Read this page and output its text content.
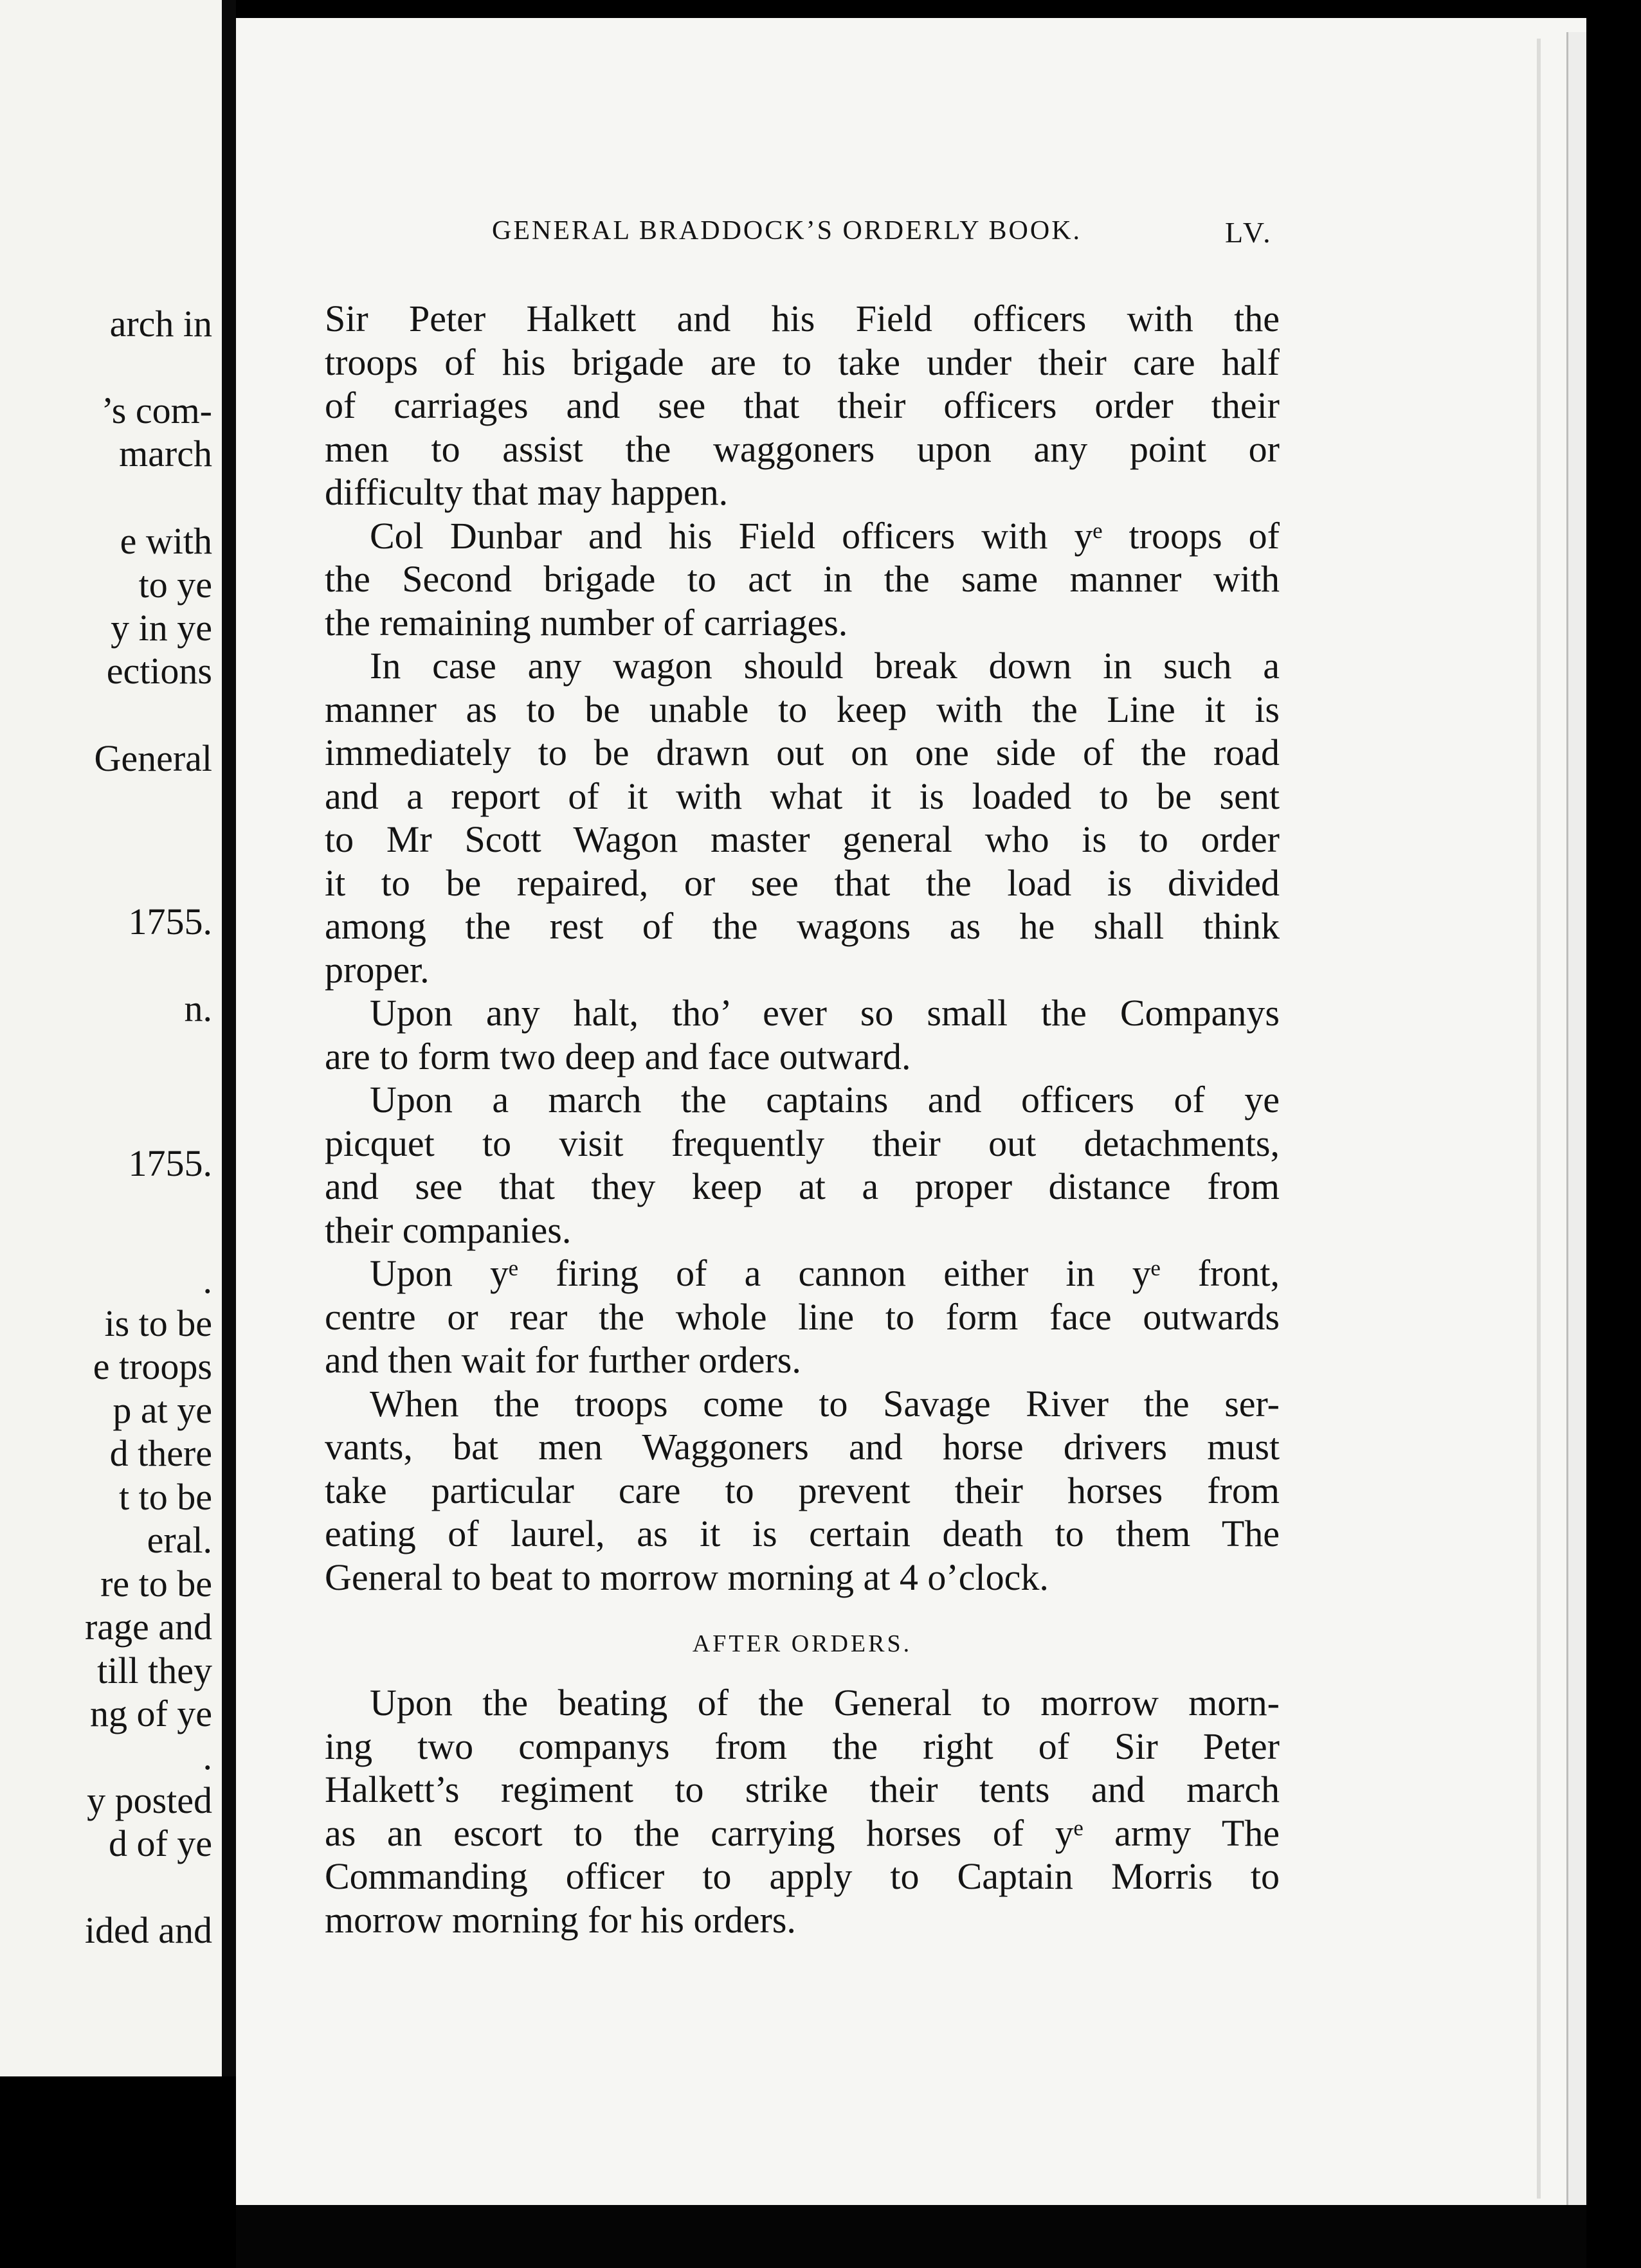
arch in
’s com-
march
e with
to ye
y in ye
ections
General
1755.
n.
1755.
.
is to be
e troops
p at ye
d there
t to be
eral.
re to be
rage and
till they
ng of ye
.
y posted
d of ye
ided and
GENERAL BRADDOCK’S ORDERLY BOOK.	LV.
Sir Peter Halkett and his Field officers with the
troops of his brigade are to take under their care half
of carriages and see that their officers order their
men to assist the waggoners upon any point or
difficulty that may happen.
Col Dunbar and his Field officers with yᵉ troops of
the Second brigade to act in the same manner with
the remaining number of carriages.
In case any wagon should break down in such a
manner as to be unable to keep with the Line it is
immediately to be drawn out on one side of the road
and a report of it with what it is loaded to be sent
to Mr Scott Wagon master general who is to order
it to be repaired, or see that the load is divided
among the rest of the wagons as he shall think
proper.
Upon any halt, tho’ ever so small the Companys
are to form two deep and face outward.
Upon a march the captains and officers of ye
picquet to visit frequently their out detachments,
and see that they keep at a proper distance from
their companies.
Upon yᵉ firing of a cannon either in yᵉ front,
centre or rear the whole line to form face outwards
and then wait for further orders.
When the troops come to Savage River the ser-
vants, bat men Waggoners and horse drivers must
take particular care to prevent their horses from
eating of laurel, as it is certain death to them The
General to beat to morrow morning at 4 o’clock.
AFTER ORDERS.
Upon the beating of the General to morrow morn-
ing two companys from the right of Sir Peter
Halkett’s regiment to strike their tents and march
as an escort to the carrying horses of yᵉ army The
Commanding officer to apply to Captain Morris to
morrow morning for his orders.
